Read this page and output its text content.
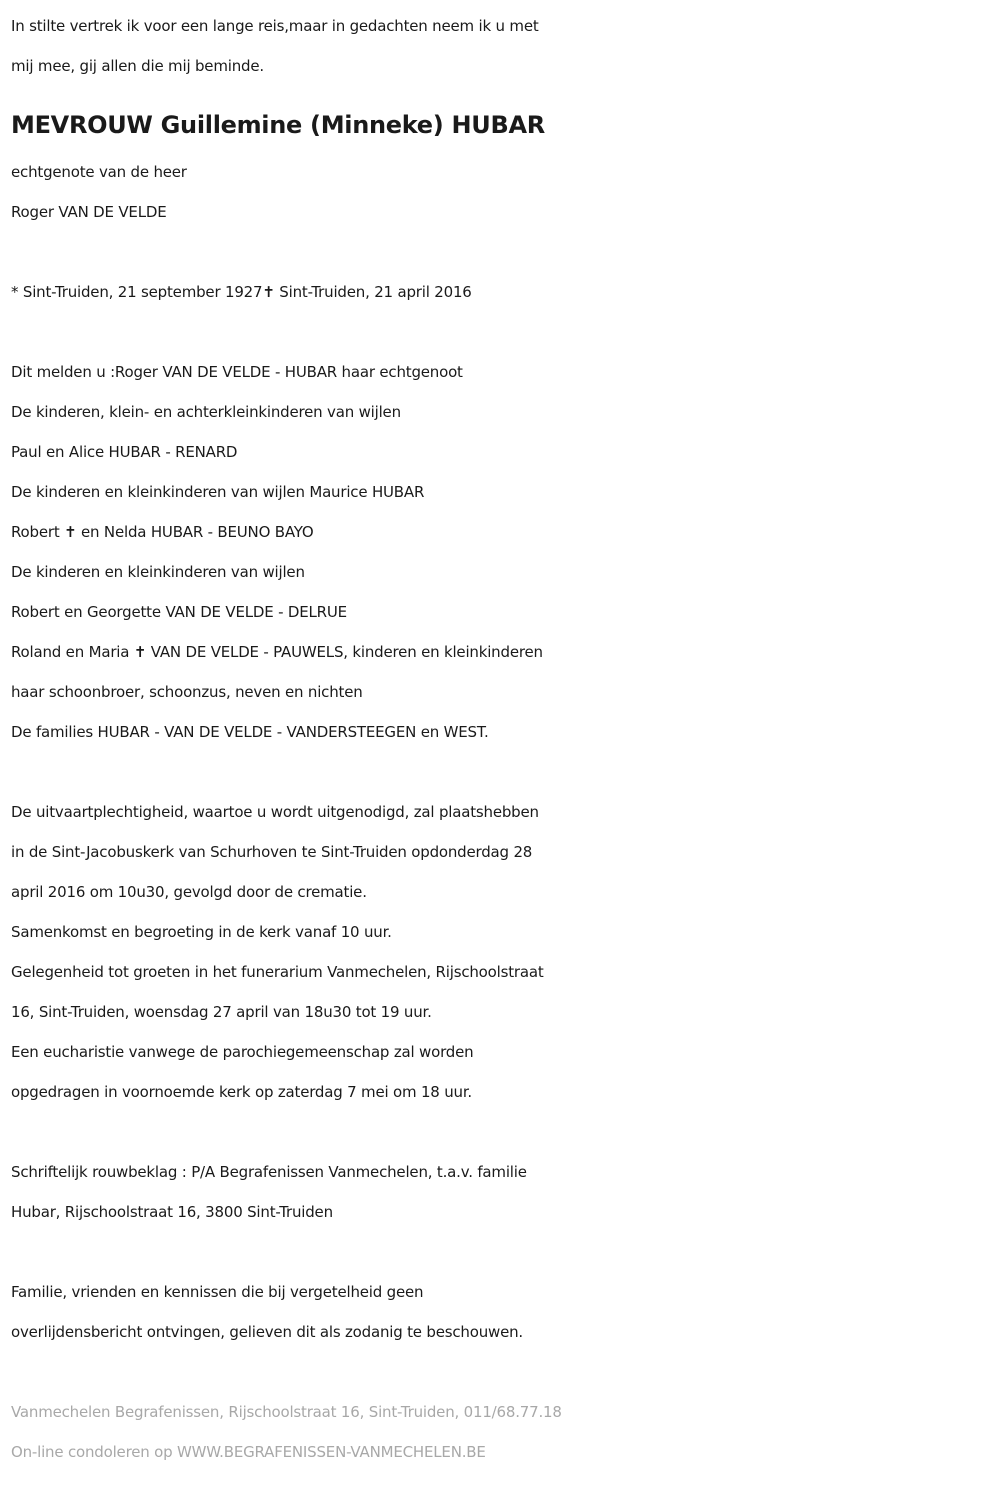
In stilte vertrek ik voor een lange reis,maar in gedachten neem ik u met
mij mee, gij allen die mij beminde.
MEVROUW Guillemine (Minneke) HUBAR
echtgenote van de heer
Roger VAN DE VELDE
* Sint-Truiden, 21 september 1927✝ Sint-Truiden, 21 april 2016
Dit melden u :Roger VAN DE VELDE - HUBAR haar echtgenoot
De kinderen, klein- en achterkleinkinderen van wijlen
Paul en Alice HUBAR - RENARD
De kinderen en kleinkinderen van wijlen Maurice HUBAR
Robert ✝ en Nelda HUBAR - BEUNO BAYO
De kinderen en kleinkinderen van wijlen
Robert en Georgette VAN DE VELDE - DELRUE
Roland en Maria ✝ VAN DE VELDE - PAUWELS, kinderen en kleinkinderen
haar schoonbroer, schoonzus, neven en nichten
De families HUBAR - VAN DE VELDE - VANDERSTEEGEN en WEST.
De uitvaartplechtigheid, waartoe u wordt uitgenodigd, zal plaatshebben
in de Sint-Jacobuskerk van Schurhoven te Sint-Truiden opdonderdag 28
april 2016 om 10u30, gevolgd door de crematie.
Samenkomst en begroeting in de kerk vanaf 10 uur.
Gelegenheid tot groeten in het funerarium Vanmechelen, Rijschoolstraat
16, Sint-Truiden, woensdag 27 april van 18u30 tot 19 uur.
Een eucharistie vanwege de parochiegemeenschap zal worden
opgedragen in voornoemde kerk op zaterdag 7 mei om 18 uur.
Schriftelijk rouwbeklag : P/A Begrafenissen Vanmechelen, t.a.v. familie
Hubar, Rijschoolstraat 16, 3800 Sint-Truiden
Familie, vrienden en kennissen die bij vergetelheid geen
overlijdensbericht ontvingen, gelieven dit als zodanig te beschouwen.
Vanmechelen Begrafenissen, Rijschoolstraat 16, Sint-Truiden, 011/68.77.18
On-line condoleren op WWW.BEGRAFENISSEN-VANMECHELEN.BE
